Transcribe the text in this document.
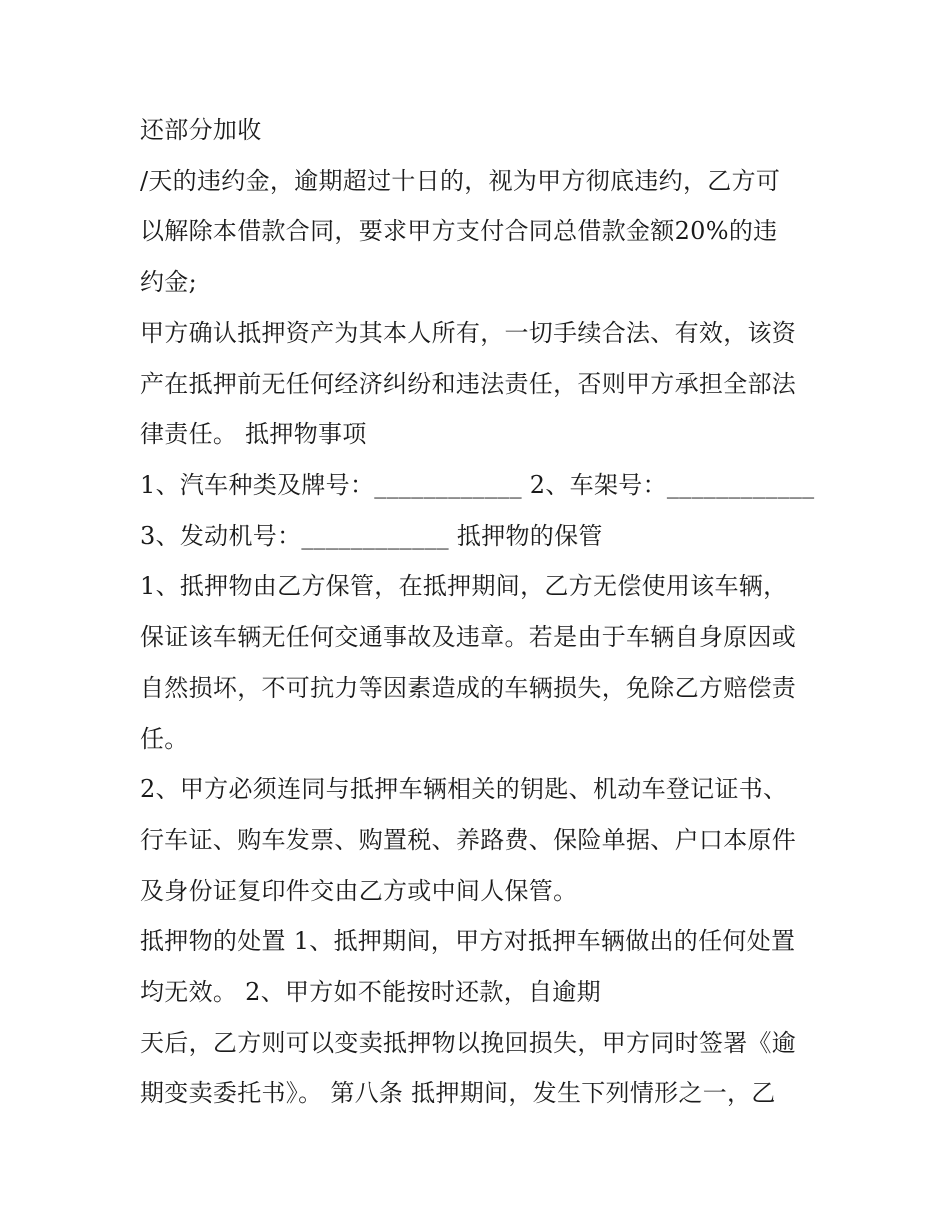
还部分加收
/天的违约金，逾期超过十日的，视为甲方彻底违约，乙方可
以解除本借款合同，要求甲方支付合同总借款金额20%的违
约金;
甲方确认抵押资产为其本人所有，一切手续合法、有效，该资
产在抵押前无任何经济纠纷和违法责任，否则甲方承担全部法
律责任。 抵押物事项
1、汽车种类及牌号：____________ 2、车架号：____________
3、发动机号：____________ 抵押物的保管
1、抵押物由乙方保管，在抵押期间，乙方无偿使用该车辆，
保证该车辆无任何交通事故及违章。若是由于车辆自身原因或
自然损坏，不可抗力等因素造成的车辆损失，免除乙方赔偿责
任。
2、甲方必须连同与抵押车辆相关的钥匙、机动车登记证书、
行车证、购车发票、购置税、养路费、保险单据、户口本原件
及身份证复印件交由乙方或中间人保管。
抵押物的处置 1、抵押期间，甲方对抵押车辆做出的任何处置
均无效。 2、甲方如不能按时还款，自逾期
天后，乙方则可以变卖抵押物以挽回损失，甲方同时签署《逾
期变卖委托书》。 第八条 抵押期间，发生下列情形之一，乙
